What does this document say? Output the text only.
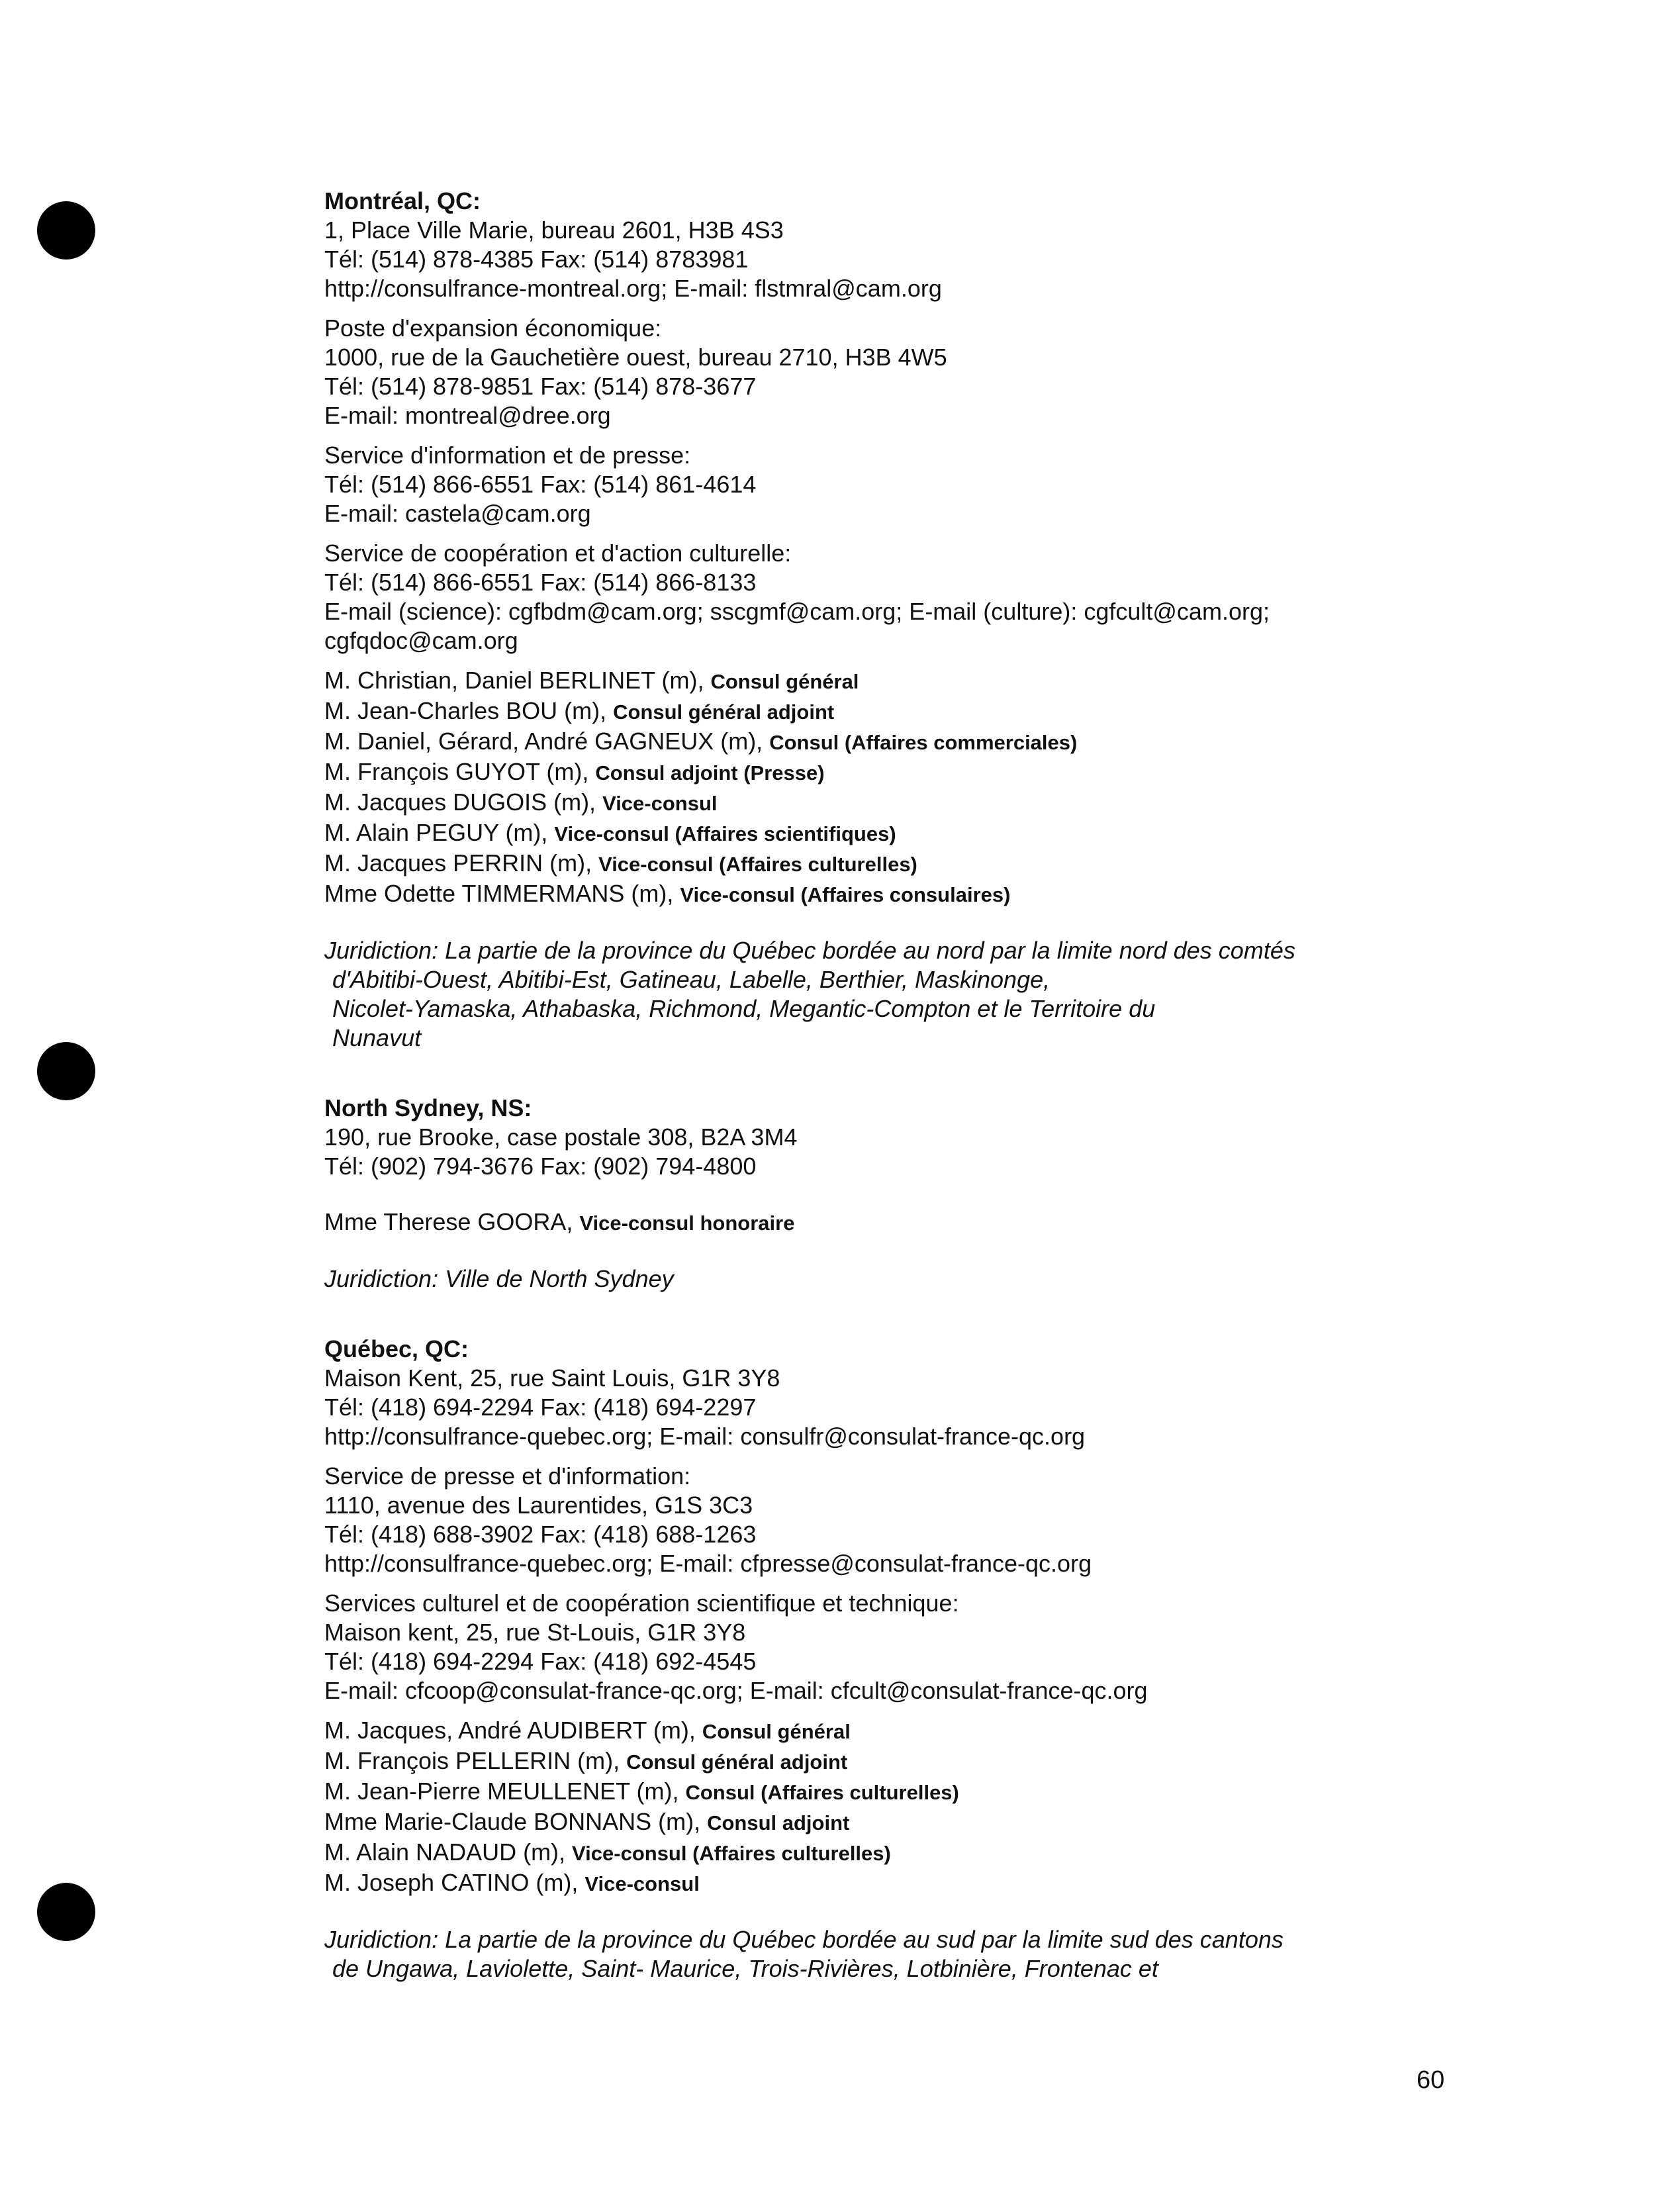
Montréal, QC:
1, Place Ville Marie, bureau 2601, H3B 4S3
Tél: (514) 878-4385 Fax: (514) 8783981
http://consulfrance-montreal.org; E-mail: flstmral@cam.org
Poste d'expansion économique:
1000, rue de la Gauchetière ouest, bureau 2710, H3B 4W5
Tél: (514) 878-9851 Fax: (514) 878-3677
E-mail: montreal@dree.org
Service d'information et de presse:
Tél: (514) 866-6551 Fax: (514) 861-4614
E-mail: castela@cam.org
Service de coopération et d'action culturelle:
Tél: (514) 866-6551 Fax: (514) 866-8133
E-mail (science): cgfbdm@cam.org; sscgmf@cam.org; E-mail (culture): cgfcult@cam.org;
cgfqdoc@cam.org
M. Christian, Daniel BERLINET (m), Consul général
M. Jean-Charles BOU (m), Consul général adjoint
M. Daniel, Gérard, André GAGNEUX (m), Consul (Affaires commerciales)
M. François GUYOT (m), Consul adjoint (Presse)
M. Jacques DUGOIS (m), Vice-consul
M. Alain PEGUY (m), Vice-consul (Affaires scientifiques)
M. Jacques PERRIN (m), Vice-consul (Affaires culturelles)
Mme Odette TIMMERMANS (m), Vice-consul (Affaires consulaires)
Juridiction: La partie de la province du Québec bordée au nord par la limite nord des comtés
d'Abitibi-Ouest, Abitibi-Est, Gatineau, Labelle, Berthier, Maskinonge,
Nicolet-Yamaska, Athabaska, Richmond, Megantic-Compton et le Territoire du
Nunavut
North Sydney, NS:
190, rue Brooke, case postale 308, B2A 3M4
Tél: (902) 794-3676 Fax: (902) 794-4800
Mme Therese GOORA, Vice-consul honoraire
Juridiction: Ville de North Sydney
Québec, QC:
Maison Kent, 25, rue Saint Louis, G1R 3Y8
Tél: (418) 694-2294 Fax: (418) 694-2297
http://consulfrance-quebec.org; E-mail: consulfr@consulat-france-qc.org
Service de presse et d'information:
1110, avenue des Laurentides, G1S 3C3
Tél: (418) 688-3902 Fax: (418) 688-1263
http://consulfrance-quebec.org; E-mail: cfpresse@consulat-france-qc.org
Services culturel et de coopération scientifique et technique:
Maison kent, 25, rue St-Louis, G1R 3Y8
Tél: (418) 694-2294 Fax: (418) 692-4545
E-mail: cfcoop@consulat-france-qc.org; E-mail: cfcult@consulat-france-qc.org
M. Jacques, André AUDIBERT (m), Consul général
M. François PELLERIN (m), Consul général adjoint
M. Jean-Pierre MEULLENET (m), Consul (Affaires culturelles)
Mme Marie-Claude BONNANS (m), Consul adjoint
M. Alain NADAUD (m), Vice-consul (Affaires culturelles)
M. Joseph CATINO (m), Vice-consul
Juridiction: La partie de la province du Québec bordée au sud par la limite sud des cantons
de Ungawa, Laviolette, Saint- Maurice, Trois-Rivières, Lotbinière, Frontenac et
60
